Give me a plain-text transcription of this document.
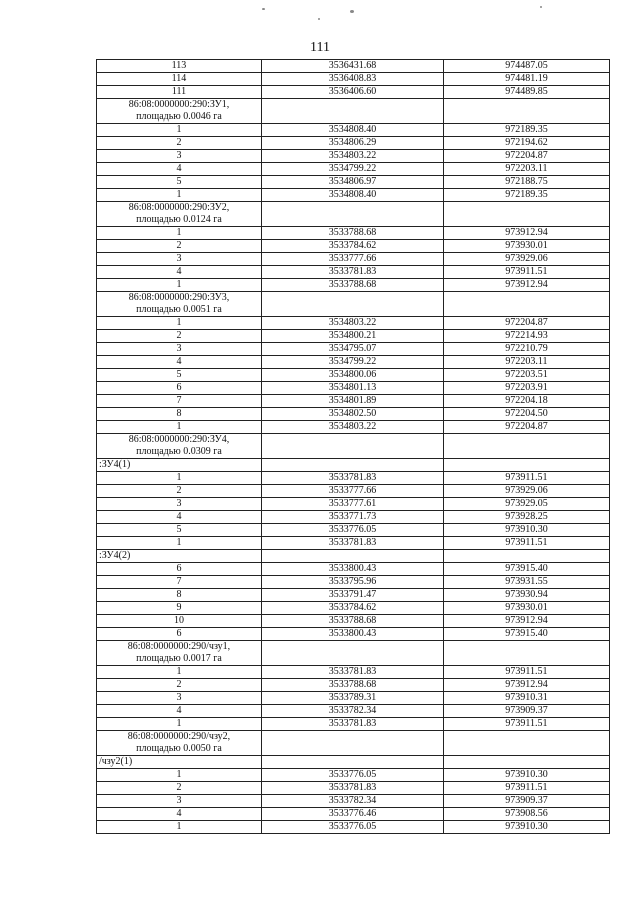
111
113	3536431.68	974487.05
114	3536408.83	974481.19
111	3536406.60	974489.85

86:08:0000000:290:ЗУ1,
площадью 0.0046 га		

1	3534808.40	972189.35
2	3534806.29	972194.62
3	3534803.22	972204.87
4	3534799.22	972203.11
5	3534806.97	972188.75
1	3534808.40	972189.35

86:08:0000000:290:ЗУ2,
площадью 0.0124 га		

1	3533788.68	973912.94
2	3533784.62	973930.01
3	3533777.66	973929.06
4	3533781.83	973911.51
1	3533788.68	973912.94

86:08:0000000:290:ЗУ3,
площадью 0.0051 га		

1	3534803.22	972204.87
2	3534800.21	972214.93
3	3534795.07	972210.79
4	3534799.22	972203.11
5	3534800.06	972203.51
6	3534801.13	972203.91
7	3534801.89	972204.18
8	3534802.50	972204.50
1	3534803.22	972204.87

86:08:0000000:290:ЗУ4,
площадью 0.0309 га		

:ЗУ4(1)		
1	3533781.83	973911.51
2	3533777.66	973929.06
3	3533777.61	973929.05
4	3533771.73	973928.25
5	3533776.05	973910.30
1	3533781.83	973911.51
:ЗУ4(2)		
6	3533800.43	973915.40
7	3533795.96	973931.55
8	3533791.47	973930.94
9	3533784.62	973930.01
10	3533788.68	973912.94
6	3533800.43	973915.40

86:08:0000000:290/чзу1,
площадью 0.0017 га		

1	3533781.83	973911.51
2	3533788.68	973912.94
3	3533789.31	973910.31
4	3533782.34	973909.37
1	3533781.83	973911.51

86:08:0000000:290/чзу2,
площадью 0.0050 га		

/чзу2(1)		
1	3533776.05	973910.30
2	3533781.83	973911.51
3	3533782.34	973909.37
4	3533776.46	973908.56
1	3533776.05	973910.30
